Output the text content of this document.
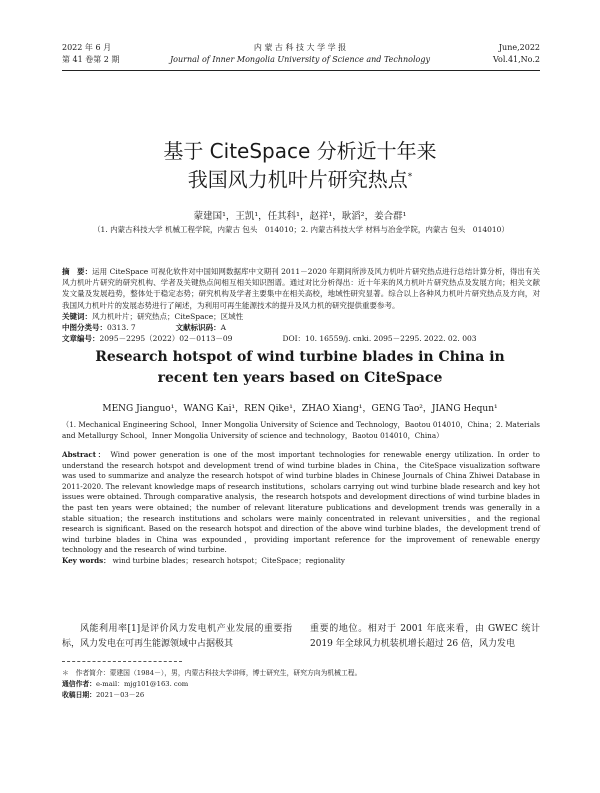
2022 年 6 月
第 41 卷第 2 期
内 蒙 古 科 技 大 学 学 报
Journal of Inner Mongolia University of Science and Technology
June,2022
Vol.41,No.2
基于 CiteSpace 分析近十年来
我国风力机叶片研究热点*
蒙建国¹，王凯¹，任其科¹，赵祥¹，耿滔²，姜合群¹
（1. 内蒙古科技大学 机械工程学院，内蒙古 包头　014010；2. 内蒙古科技大学 材料与冶金学院，内蒙古 包头　014010）
摘　要：运用 CiteSpace 可视化软件对中国知网数据库中文期刊 2011－2020 年期间所涉及风力机叶片研究热点进行总结计算分析，得出有关风力机叶片研究的研究机构、学者及关键热点间相互相关知识图谱。通过对比分析得出：近十年来的风力机叶片研究热点及发展方向；相关文献发文量及发展趋势，整体处于稳定态势；研究机构及学者主要集中在相关高校，地域性研究显著。综合以上各种风力机叶片研究热点及方向，对我国风力机叶片的发展态势进行了阐述，为利用可再生能源技术的提升及风力机的研究提供重要参考。
关键词：风力机叶片；研究热点；CiteSpace；区域性
中图分类号：0313. 7	文献标识码：A
文章编号：2095－2295（2022）02－0113－09	DOI：10. 16559/j. cnki. 2095－2295. 2022. 02. 003
Research hotspot of wind turbine blades in China in
recent ten years based on CiteSpace
MENG Jianguo¹，WANG Kai¹，REN Qike¹，ZHAO Xiang¹，GENG Tao²，JIANG Hequn¹
（1. Mechanical Engineering School，Inner Mongolia University of Science and Technology，Baotou 014010，China；2. Materials and Metallurgy School，Inner Mongolia University of science and technology，Baotou 014010，China）
Abstract： Wind power generation is one of the most important technologies for renewable energy utilization. In order to understand the research hotspot and development trend of wind turbine blades in China，the CiteSpace visualization software was used to summarize and analyze the research hotspot of wind turbine blades in Chinese Journals of China Zhiwei Database in 2011-2020. The relevant knowledge maps of research institutions，scholars carrying out wind turbine blade research and key hot issues were obtained. Through comparative analysis，the research hotspots and development directions of wind turbine blades in the past ten years were obtained；the number of relevant literature publications and development trends was generally in a stable situation；the research institutions and scholars were mainly concentrated in relevant universities，and the regional research is significant. Based on the research hotspot and direction of the above wind turbine blades，the development trend of wind turbine blades in China was expounded，providing important reference for the improvement of renewable energy technology and the research of wind turbine.
Key words： wind turbine blades；research hotspot；CiteSpace；regionality
风能利用率[1]是评价风力发电机产业发展的重要指标，风力发电在可再生能源领域中占据极其
重要的地位。相对于 2001 年底来看，由 GWEC 统计 2019 年全球风力机装机增长超过 26 倍，风力发电
＊　作者简介：蒙建国（1984－），男，内蒙古科技大学讲师，博士研究生，研究方向为机械工程。
通信作者：e-mail：mjg101@163. com
收稿日期：2021－03－26
